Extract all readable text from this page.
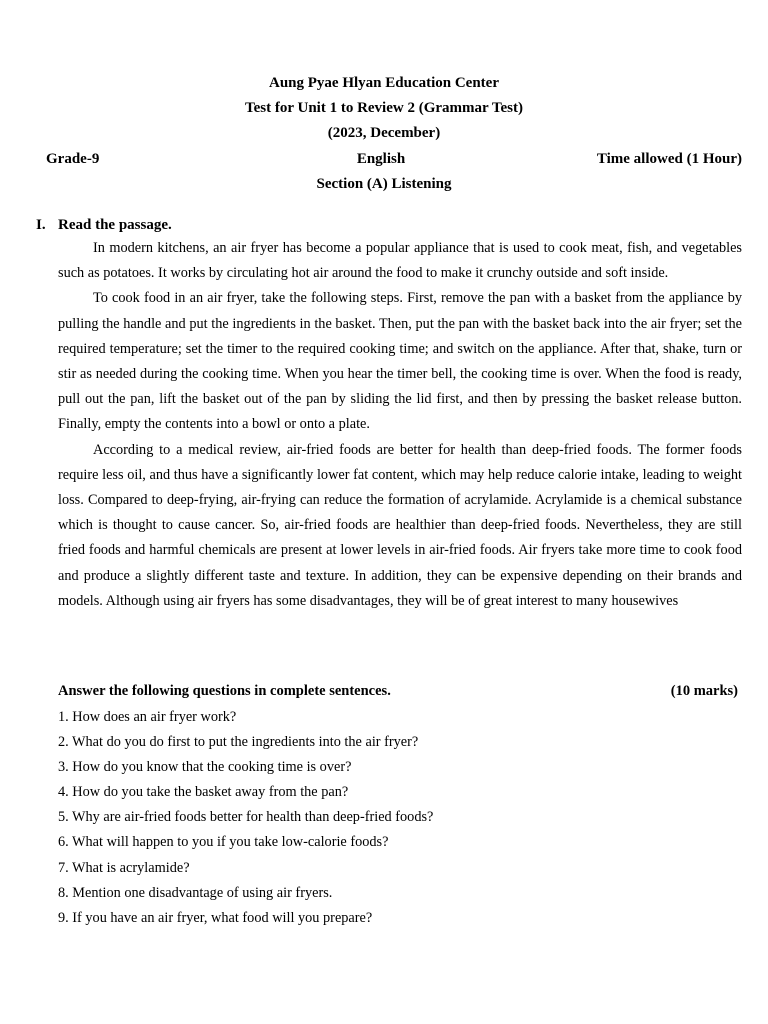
Aung Pyae Hlyan Education Center
Test for Unit 1 to Review 2 (Grammar Test)
(2023, December)
Grade-9	English	Time allowed (1 Hour)
Section (A) Listening
I. Read the passage.

In modern kitchens, an air fryer has become a popular appliance that is used to cook meat, fish, and vegetables such as potatoes. It works by circulating hot air around the food to make it crunchy outside and soft inside.

To cook food in an air fryer, take the following steps. First, remove the pan with a basket from the appliance by pulling the handle and put the ingredients in the basket. Then, put the pan with the basket back into the air fryer; set the required temperature; set the timer to the required cooking time; and switch on the appliance. After that, shake, turn or stir as needed during the cooking time. When you hear the timer bell, the cooking time is over. When the food is ready, pull out the pan, lift the basket out of the pan by sliding the lid first, and then by pressing the basket release button. Finally, empty the contents into a bowl or onto a plate.

According to a medical review, air-fried foods are better for health than deep-fried foods. The former foods require less oil, and thus have a significantly lower fat content, which may help reduce calorie intake, leading to weight loss. Compared to deep-frying, air-frying can reduce the formation of acrylamide. Acrylamide is a chemical substance which is thought to cause cancer. So, air-fried foods are healthier than deep-fried foods. Nevertheless, they are still fried foods and harmful chemicals are present at lower levels in air-fried foods. Air fryers take more time to cook food and produce a slightly different taste and texture. In addition, they can be expensive depending on their brands and models. Although using air fryers has some disadvantages, they will be of great interest to many housewives

Answer the following questions in complete sentences.	(10 marks)
1. How does an air fryer work?
2. What do you do first to put the ingredients into the air fryer?
3. How do you know that the cooking time is over?
4. How do you take the basket away from the pan?
5. Why are air-fried foods better for health than deep-fried foods?
6. What will happen to you if you take low-calorie foods?
7. What is acrylamide?
8. Mention one disadvantage of using air fryers.
9. If you have an air fryer, what food will you prepare?
